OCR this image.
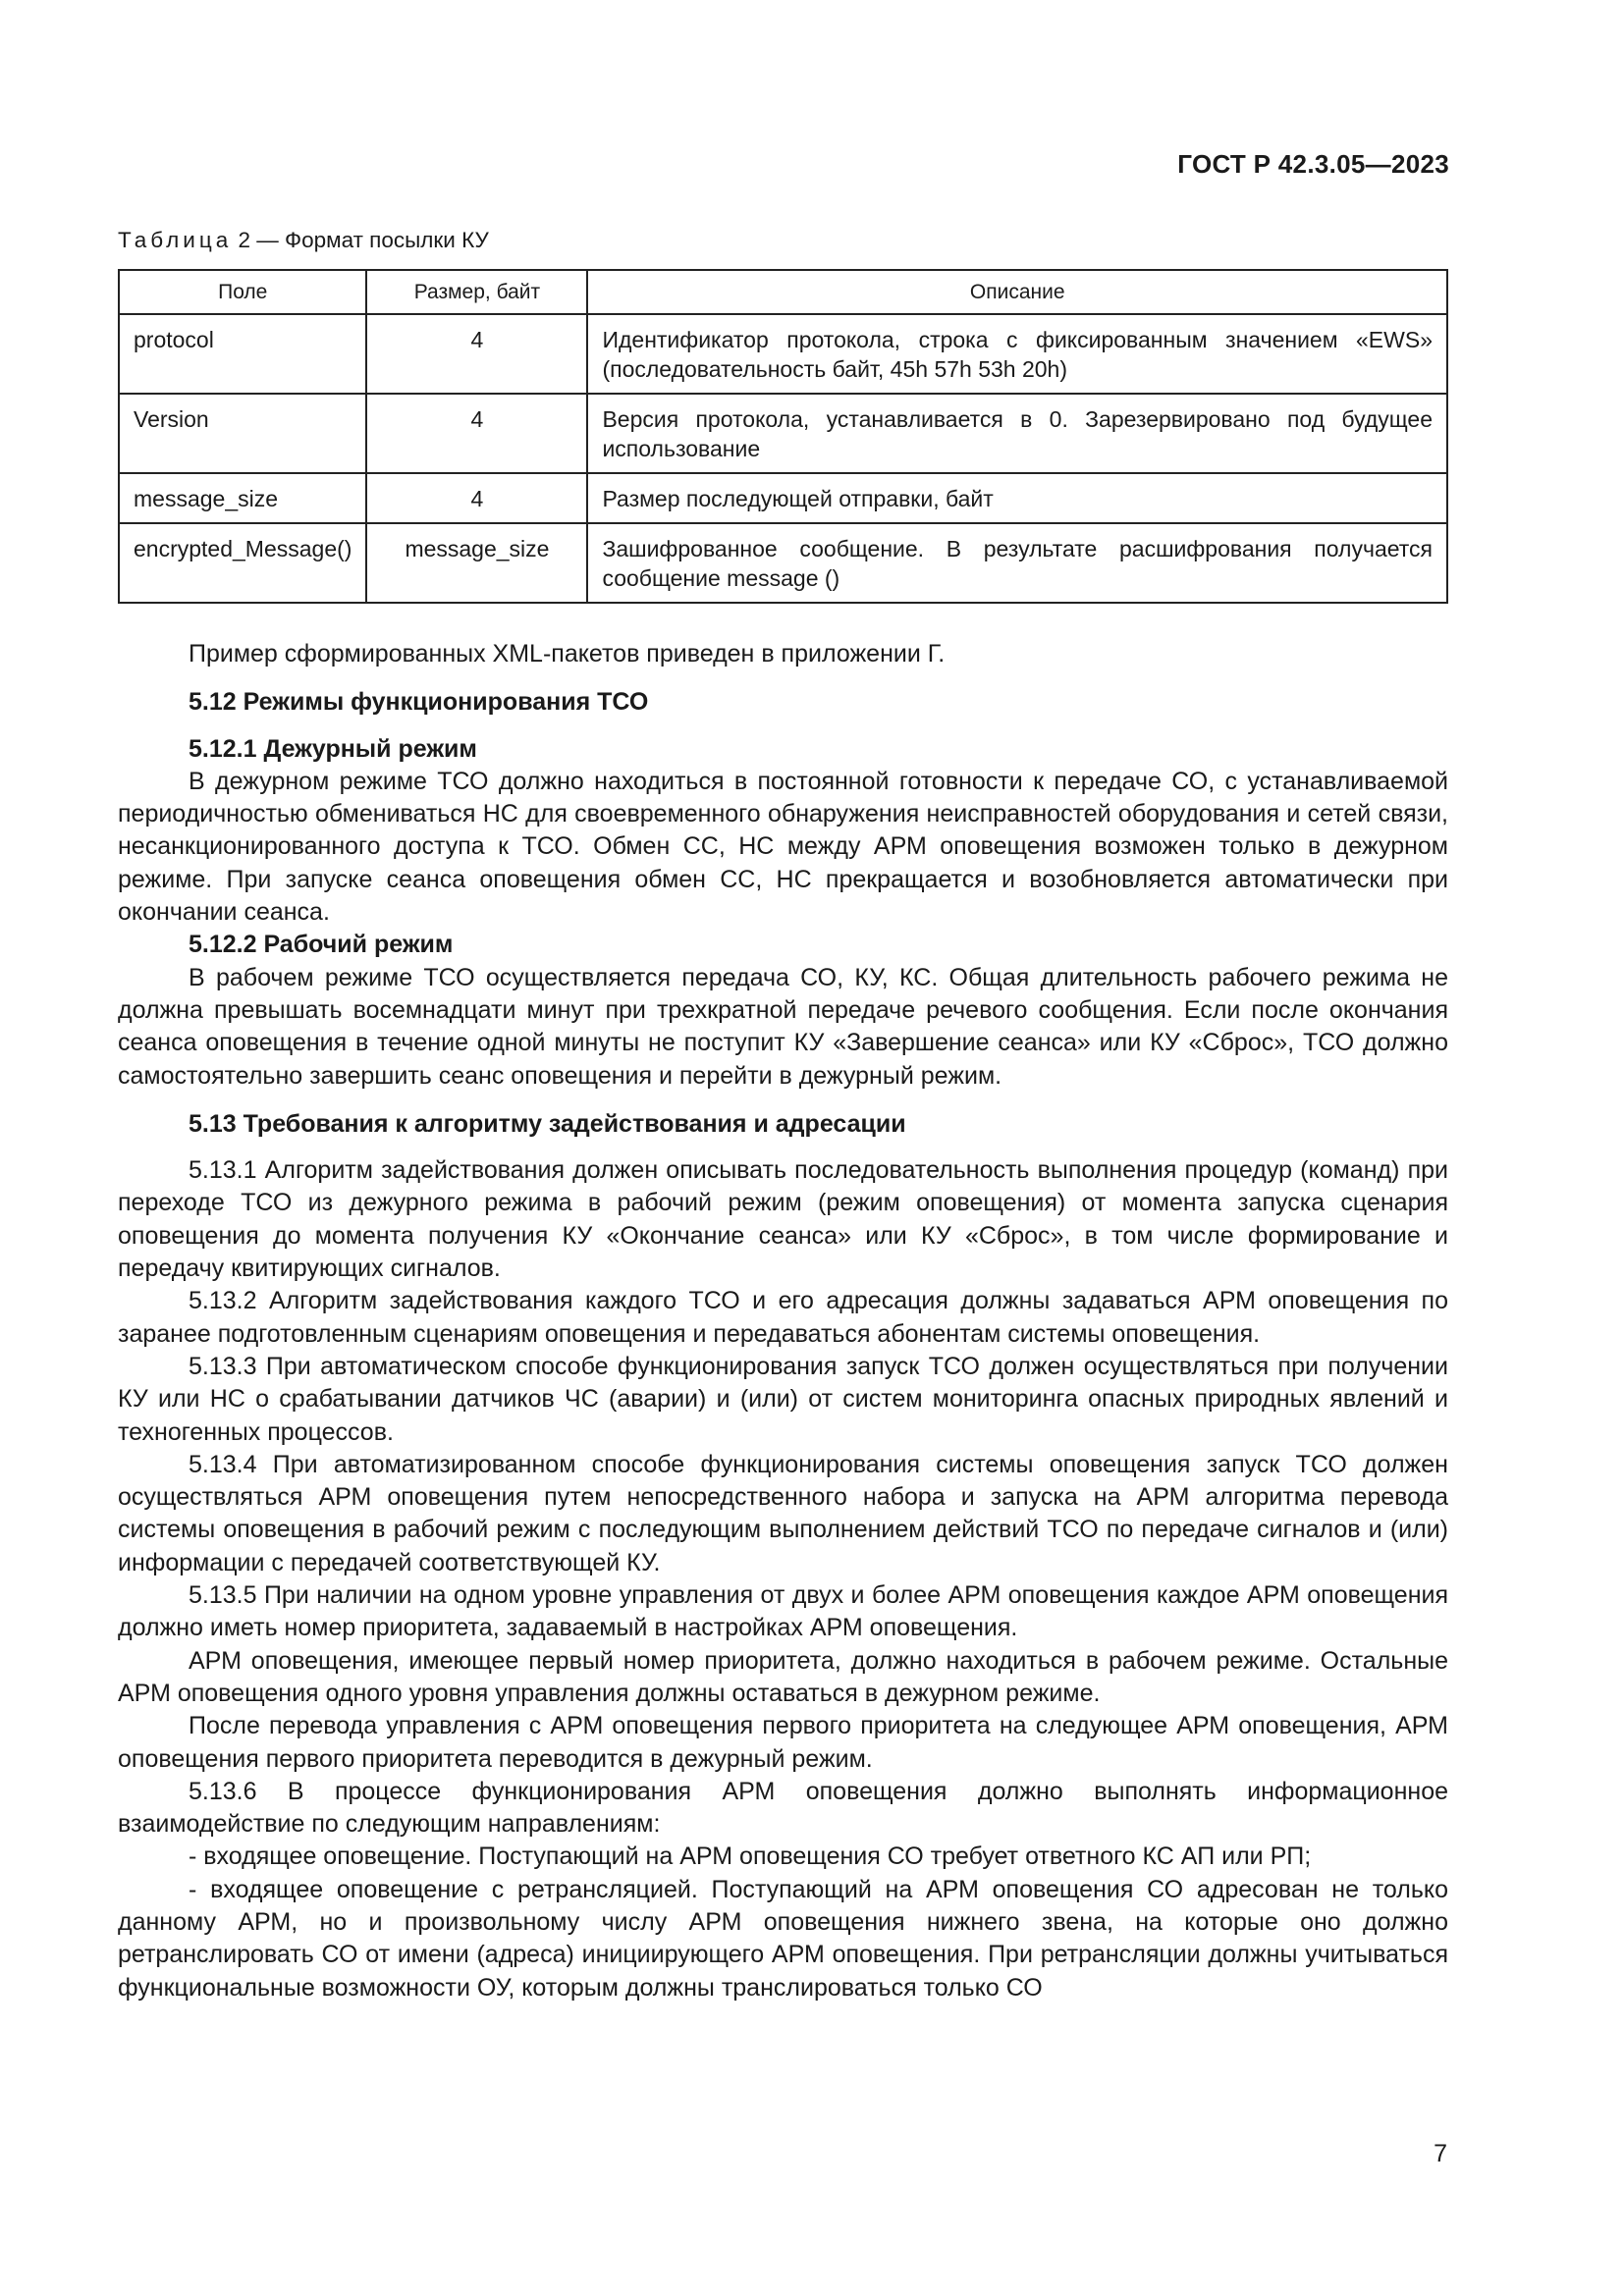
ГОСТ Р 42.3.05—2023
Таблица 2 — Формат посылки КУ
Поле	Размер, байт	Описание
protocol	4	Идентификатор протокола, строка с фиксированным значением «EWS» (последовательность байт, 45h 57h 53h 20h)
Version	4	Версия протокола, устанавливается в 0. Зарезервировано под будущее использование
message_size	4	Размер последующей отправки, байт
encrypted_Message()	message_size	Зашифрованное сообщение. В результате расшифрования получается сообщение message ()

Пример сформированных XML-пакетов приведен в приложении Г.

5.12 Режимы функционирования ТСО

5.12.1 Дежурный режим

В дежурном режиме ТСО должно находиться в постоянной готовности к передаче СО, с устанавливаемой периодичностью обмениваться НС для своевременного обнаружения неисправностей оборудования и сетей связи, несанкционированного доступа к ТСО. Обмен СС, НС между АРМ оповещения возможен только в дежурном режиме. При запуске сеанса оповещения обмен СС, НС прекращается и возобновляется автоматически при окончании сеанса.

5.12.2 Рабочий режим

В рабочем режиме ТСО осуществляется передача СО, КУ, КС. Общая длительность рабочего режима не должна превышать восемнадцати минут при трехкратной передаче речевого сообщения. Если после окончания сеанса оповещения в течение одной минуты не поступит КУ «Завершение сеанса» или КУ «Сброс», ТСО должно самостоятельно завершить сеанс оповещения и перейти в дежурный режим.

5.13 Требования к алгоритму задействования и адресации

5.13.1 Алгоритм задействования должен описывать последовательность выполнения процедур (команд) при переходе ТСО из дежурного режима в рабочий режим (режим оповещения) от момента запуска сценария оповещения до момента получения КУ «Окончание сеанса» или КУ «Сброс», в том числе формирование и передачу квитирующих сигналов.

5.13.2 Алгоритм задействования каждого ТСО и его адресация должны задаваться АРМ оповещения по заранее подготовленным сценариям оповещения и передаваться абонентам системы оповещения.

5.13.3 При автоматическом способе функционирования запуск ТСО должен осуществляться при получении КУ или НС о срабатывании датчиков ЧС (аварии) и (или) от систем мониторинга опасных природных явлений и техногенных процессов.

5.13.4 При автоматизированном способе функционирования системы оповещения запуск ТСО должен осуществляться АРМ оповещения путем непосредственного набора и запуска на АРМ алгоритма перевода системы оповещения в рабочий режим с последующим выполнением действий ТСО по передаче сигналов и (или) информации с передачей соответствующей КУ.

5.13.5 При наличии на одном уровне управления от двух и более АРМ оповещения каждое АРМ оповещения должно иметь номер приоритета, задаваемый в настройках АРМ оповещения.

АРМ оповещения, имеющее первый номер приоритета, должно находиться в рабочем режиме. Остальные АРМ оповещения одного уровня управления должны оставаться в дежурном режиме.

После перевода управления с АРМ оповещения первого приоритета на следующее АРМ оповещения, АРМ оповещения первого приоритета переводится в дежурный режим.

5.13.6 В процессе функционирования АРМ оповещения должно выполнять информационное взаимодействие по следующим направлениям:

- входящее оповещение. Поступающий на АРМ оповещения СО требует ответного КС АП или РП;

- входящее оповещение с ретрансляцией. Поступающий на АРМ оповещения СО адресован не только данному АРМ, но и произвольному числу АРМ оповещения нижнего звена, на которые оно должно ретранслировать СО от имени (адреса) инициирующего АРМ оповещения. При ретрансляции должны учитываться функциональные возможности ОУ, которым должны транслироваться только СО

7
